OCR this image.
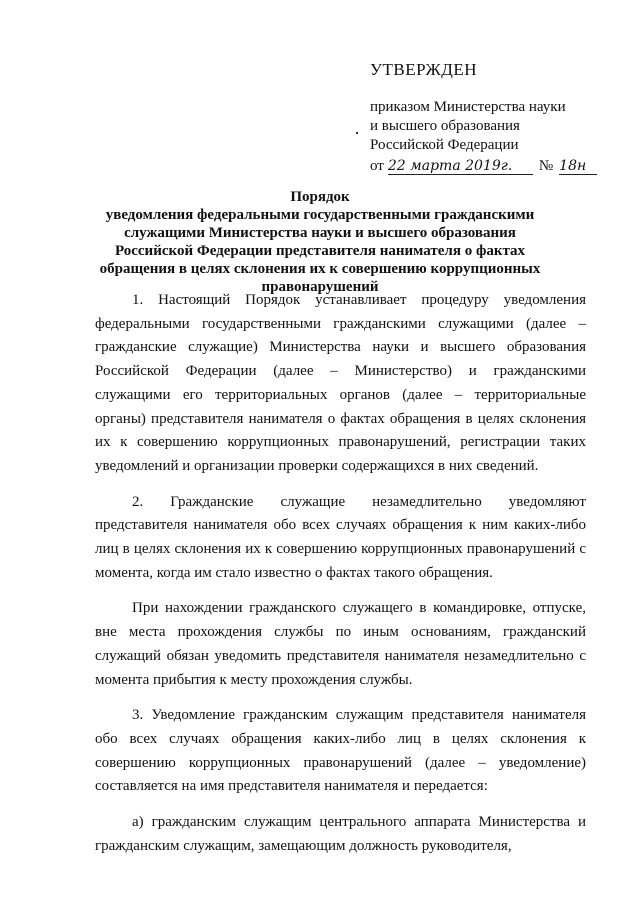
УТВЕРЖДЕН
приказом Министерства науки
и высшего образования
Российской Федерации
от 22 марта 2019г.	№ 18н
Порядок
уведомления федеральными государственными гражданскими служащими Министерства науки и высшего образования Российской Федерации представителя нанимателя о фактах обращения в целях склонения их к совершению коррупционных правонарушений

1. Настоящий Порядок устанавливает процедуру уведомления федеральными государственными гражданскими служащими (далее – гражданские служащие) Министерства науки и высшего образования Российской Федерации (далее – Министерство) и гражданскими служащими его территориальных органов (далее – территориальные органы) представителя нанимателя о фактах обращения в целях склонения их к совершению коррупционных правонарушений, регистрации таких уведомлений и организации проверки содержащихся в них сведений.

2. Гражданские служащие незамедлительно уведомляют представителя нанимателя обо всех случаях обращения к ним каких-либо лиц в целях склонения их к совершению коррупционных правонарушений с момента, когда им стало известно о фактах такого обращения.

При нахождении гражданского служащего в командировке, отпуске, вне места прохождения службы по иным основаниям, гражданский служащий обязан уведомить представителя нанимателя незамедлительно с момента прибытия к месту прохождения службы.

3. Уведомление гражданским служащим представителя нанимателя обо всех случаях обращения каких-либо лиц в целях склонения к совершению коррупционных правонарушений (далее – уведомление) составляется на имя представителя нанимателя и передается:

а) гражданским служащим центрального аппарата Министерства и гражданским служащим, замещающим должность руководителя,
